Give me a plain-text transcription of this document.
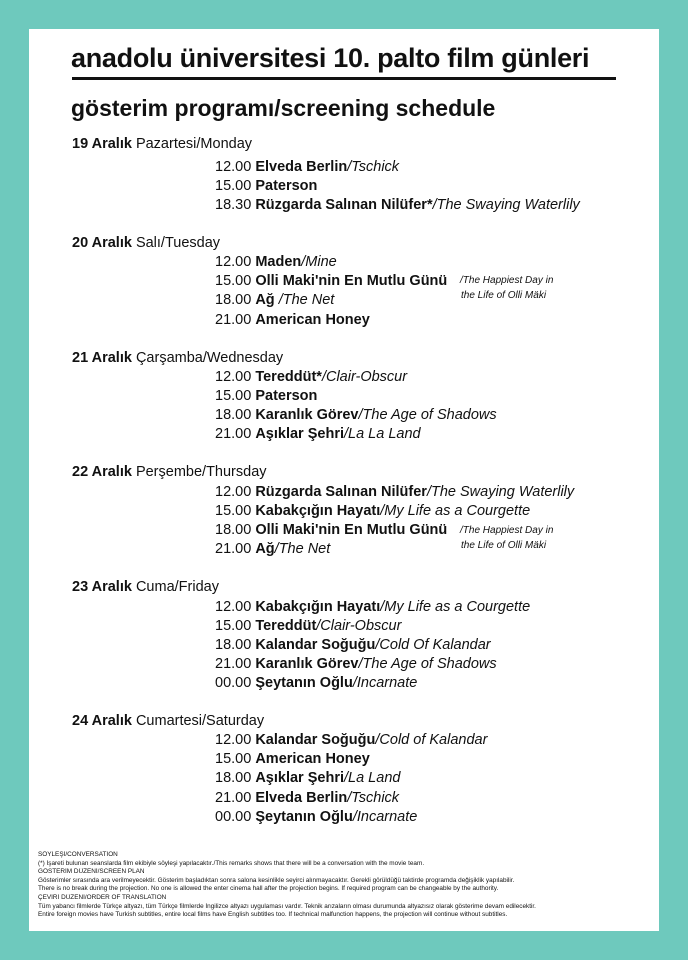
anadolu üniversitesi 10. palto film günleri
gösterim programı/screening schedule
19 Aralık Pazartesi/Monday
12.00 Elveda Berlin/Tschick
15.00 Paterson
18.30 Rüzgarda Salınan Nilüfer*/The Swaying Waterlily
20 Aralık Salı/Tuesday
12.00 Maden/Mine
15.00 Olli Maki'nin En Mutlu Günü /The Happiest Day in
the Life of Olli Mäki
18.00 Ağ /The Net
21.00 American Honey
21 Aralık Çarşamba/Wednesday
12.00 Tereddüt*/Clair-Obscur
15.00 Paterson
18.00 Karanlık Görev/The Age of Shadows
21.00 Aşıklar Şehri/La La Land
22 Aralık Perşembe/Thursday
12.00 Rüzgarda Salınan Nilüfer/The Swaying Waterlily
15.00 Kabakçığın Hayatı/My Life as a Courgette
18.00 Olli Maki'nin En Mutlu Günü /The Happiest Day in
the Life of Olli Mäki
21.00 Ağ/The Net
23 Aralık Cuma/Friday
12.00 Kabakçığın Hayatı/My Life as a Courgette
15.00 Tereddüt/Clair-Obscur
18.00 Kalandar Soğuğu/Cold Of Kalandar
21.00 Karanlık Görev/The Age of Shadows
00.00 Şeytanın Oğlu/Incarnate
24 Aralık Cumartesi/Saturday
12.00 Kalandar Soğuğu/Cold of Kalandar
15.00 American Honey
18.00 Aşıklar Şehri/La Land
21.00 Elveda Berlin/Tschick
00.00 Şeytanın Oğlu/Incarnate
SÖYLEŞİ/CONVERSATION
(*) İşareti bulunan seanslarda film ekibiyle söyleşi yapılacaktır./This remarks shows that there will be a conversation with the movie team.
GÖSTERİM DÜZENİ/SCREEN PLAN
Gösterimler sırasında ara verilmeyecektir. Gösterim başladıktan sonra salona kesinlikle seyirci alınmayacaktır. Gerekli görüldüğü taktirde programda değişiklik yapılabilir.
There is no break during the projection. No one is allowed the enter cinema hall after the projection begins. If required program can be changeable by the authority.
ÇEVİRİ DÜZENİ/ORDER OF TRANSLATION
Tüm yabancı filmlerde Türkçe altyazı, tüm Türkçe filmlerde İngilizce altyazı uygulaması vardır. Teknik arızaların olması durumunda altyazısız olarak gösterime devam edilecektir.
Entire foreign movies have Turkish subtitles, entire local films have English subtitles too. If technical malfunction happens, the projection will continue without subtitles.
